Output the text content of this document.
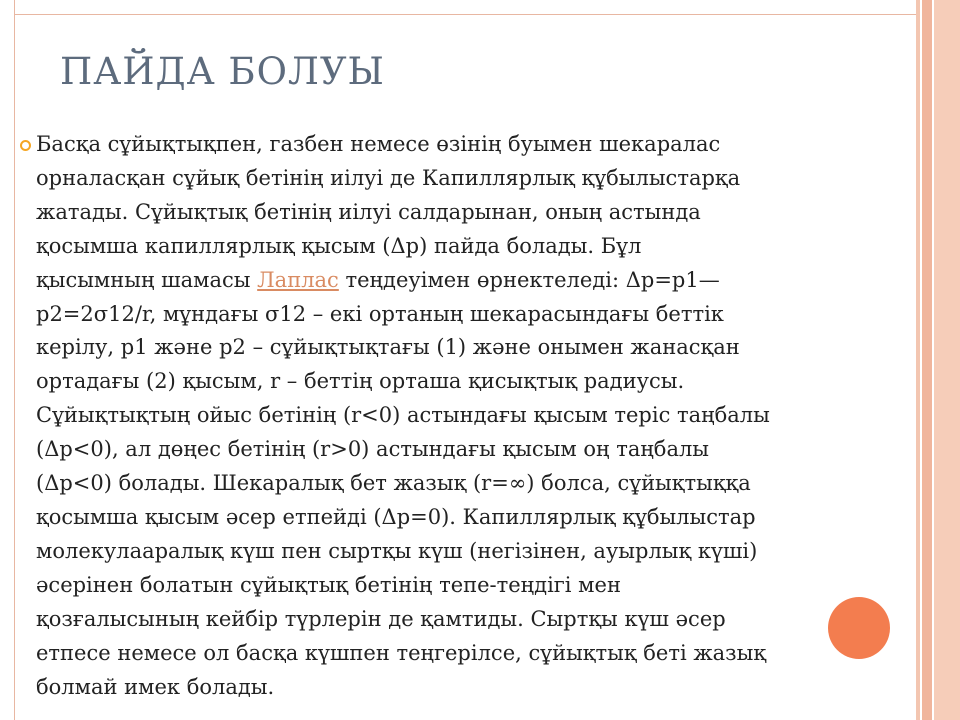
ПАЙДА БОЛУЫ

Басқа сұйықтықпен, газбен немесе өзінің буымен шекаралас
орналасқан сұйық бетінің иілуі де Капиллярлық құбылыстарқа
жатады. Сұйықтық бетінің иілуі салдарынан, оның астында
қосымша капиллярлық қысым (Δр) пайда болады. Бұл
қысымның шамасы Лаплас теңдеуімен өрнектеледі: Δр=р1—
р2=2σ12/r, мұндағы σ12 – екі ортаның шекарасындағы беттік
керілу, р1 және р2 – сұйықтықтағы (1) және онымен жанасқан
ортадағы (2) қысым, r – беттің орташа қисықтық радиусы.
Сұйықтықтың ойыс бетінің (r<0) астындағы қысым теріс таңбалы
(Δр<0), ал дөңес бетінің (r>0) астындағы қысым оң таңбалы
(Δр<0) болады. Шекаралық бет жазық (r=∞) болса, сұйықтыққа
қосымша қысым әсер етпейді (Δр=0). Капиллярлық құбылыстар
молекулааралық күш пен сыртқы күш (негізінен, ауырлық күші)
әсерінен болатын сұйықтық бетінің тепе-теңдігі мен
қозғалысының кейбір түрлерін де қамтиды. Сыртқы күш әсер
етпесе немесе ол басқа күшпен теңгерілсе, сұйықтық беті жазық
болмай имек болады.
